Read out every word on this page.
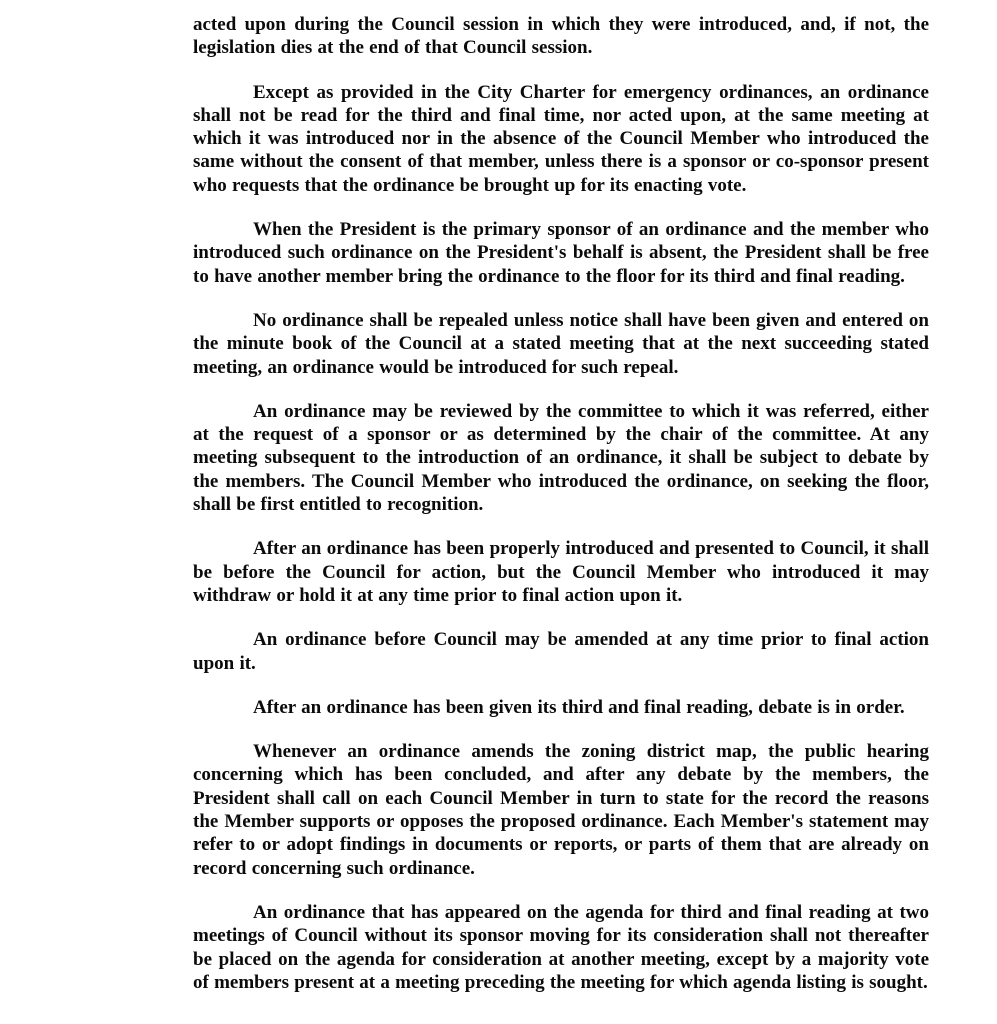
acted upon during the Council session in which they were introduced, and, if not, the legislation dies at the end of that Council session.

Except as provided in the City Charter for emergency ordinances, an ordinance shall not be read for the third and final time, nor acted upon, at the same meeting at which it was introduced nor in the absence of the Council Member who introduced the same without the consent of that member, unless there is a sponsor or co-sponsor present who requests that the ordinance be brought up for its enacting vote.

When the President is the primary sponsor of an ordinance and the member who introduced such ordinance on the President's behalf is absent, the President shall be free to have another member bring the ordinance to the floor for its third and final reading.

No ordinance shall be repealed unless notice shall have been given and entered on the minute book of the Council at a stated meeting that at the next succeeding stated meeting, an ordinance would be introduced for such repeal.

An ordinance may be reviewed by the committee to which it was referred, either at the request of a sponsor or as determined by the chair of the committee. At any meeting subsequent to the introduction of an ordinance, it shall be subject to debate by the members. The Council Member who introduced the ordinance, on seeking the floor, shall be first entitled to recognition.

After an ordinance has been properly introduced and presented to Council, it shall be before the Council for action, but the Council Member who introduced it may withdraw or hold it at any time prior to final action upon it.

An ordinance before Council may be amended at any time prior to final action upon it.

After an ordinance has been given its third and final reading, debate is in order.

Whenever an ordinance amends the zoning district map, the public hearing concerning which has been concluded, and after any debate by the members, the President shall call on each Council Member in turn to state for the record the reasons the Member supports or opposes the proposed ordinance. Each Member's statement may refer to or adopt findings in documents or reports, or parts of them that are already on record concerning such ordinance.

An ordinance that has appeared on the agenda for third and final reading at two meetings of Council without its sponsor moving for its consideration shall not thereafter be placed on the agenda for consideration at another meeting, except by a majority vote of members present at a meeting preceding the meeting for which agenda listing is sought.
